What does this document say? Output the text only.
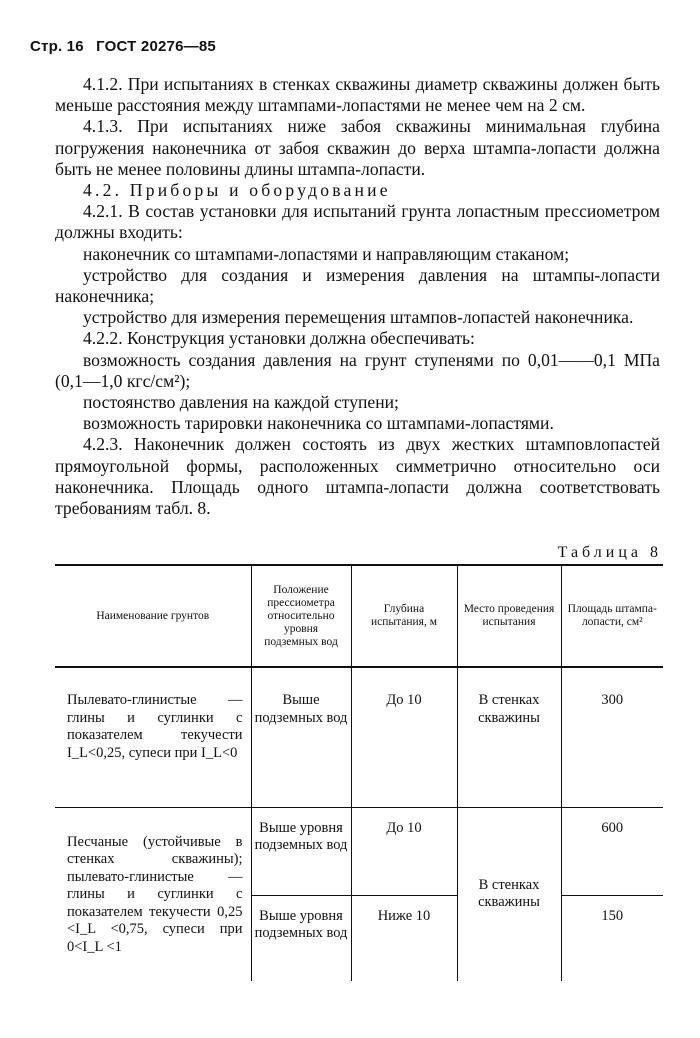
Стр. 16 ГОСТ 20276—85

4.1.2. При испытаниях в стенках скважины диаметр скважины должен быть меньше расстояния между штампами-лопастями не менее чем на 2 см.

4.1.3. При испытаниях ниже забоя скважины минимальная глубина погружения наконечника от забоя скважин до верха штампа-лопасти должна быть не менее половины длины штампа-лопасти.

4.2. Приборы и оборудование

4.2.1. В состав установки для испытаний грунта лопастным прессиометром должны входить:

наконечник со штампами-лопастями и направляющим стаканом;

устройство для создания и измерения давления на штампы-лопасти наконечника;

устройство для измерения перемещения штампов-лопастей наконечника.

4.2.2. Конструкция установки должна обеспечивать:

возможность создания давления на грунт ступенями по 0,01——0,1 МПа (0,1—1,0 кгс/см²);

постоянство давления на каждой ступени;

возможность тарировки наконечника со штампами-лопастями.

4.2.3. Наконечник должен состоять из двух жестких штамповлопастей прямоугольной формы, расположенных симметрично относительно оси наконечника. Площадь одного штампа-лопасти должна соответствовать требованиям табл. 8.

Таблица 8
Наименование грунтов	Положение прессиометра относительно уровня подземных вод	Глубина испытания, м	Место проведения испытания	Площадь штампа-лопасти, см²
Пылевато-глинистые — глины и суглинки с показателем текучести I_L<0,25, супеси при I_L<0	Выше подземных вод	До 10	В стенках скважины	300
Песчаные (устойчивые в стенках скважины); пылевато-глинистые — глины и суглинки с показателем текучести 0,25 <I_L <0,75, супеси при 0<I_L <1	Выше уровня подземных вод	До 10	В стенках скважины	600
	Выше уровня подземных вод	Ниже 10		150
